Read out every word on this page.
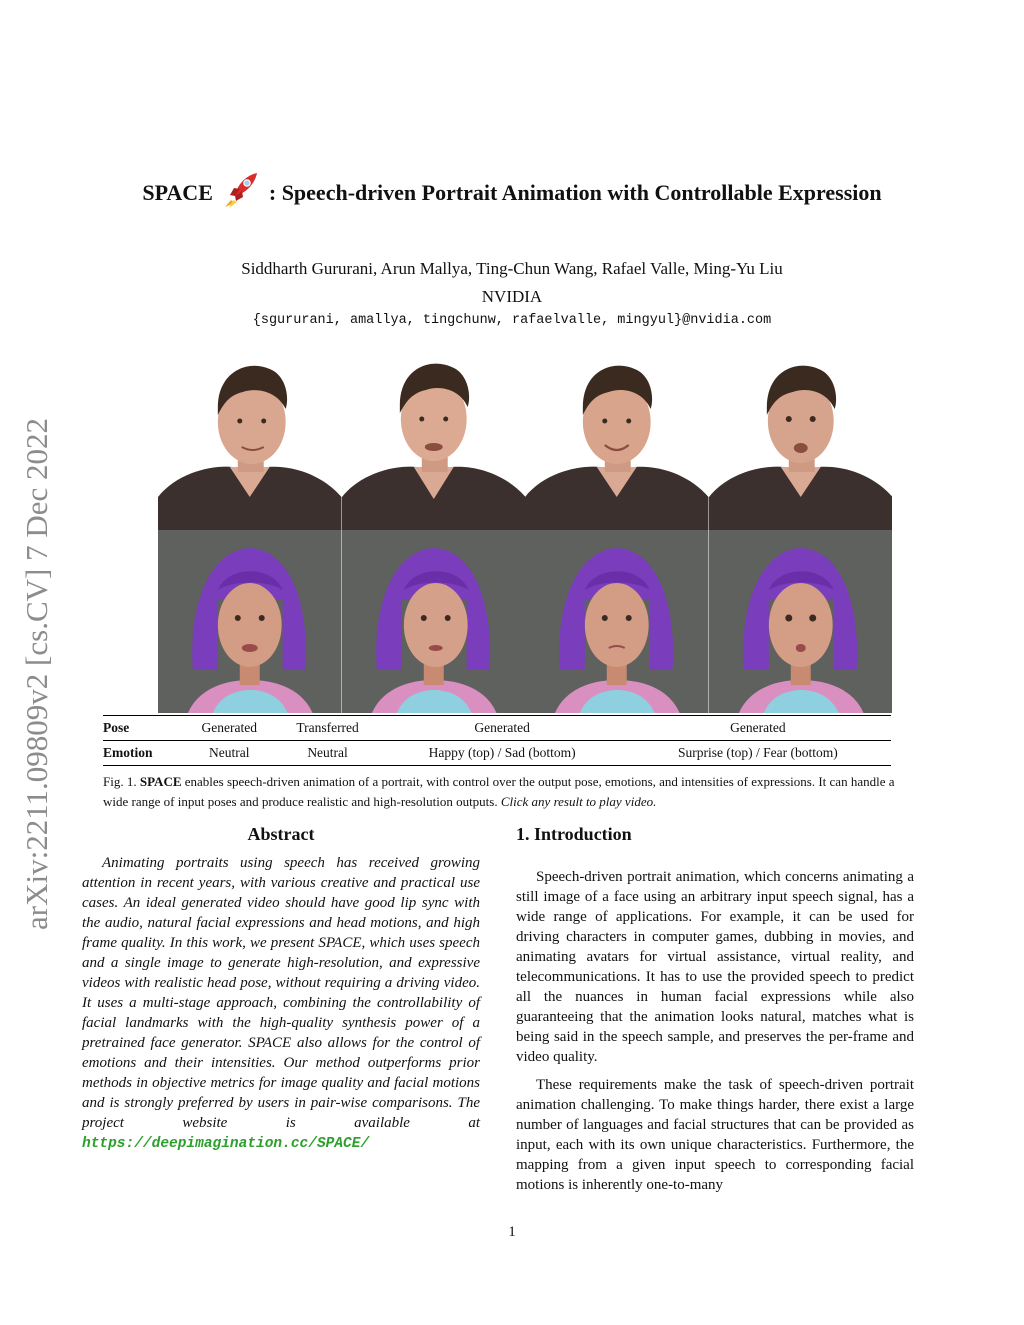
arXiv:2211.09809v2 [cs.CV] 7 Dec 2022
SPACE	: Speech-driven Portrait Animation with Controllable Expression
Siddharth Gururani, Arun Mallya, Ting-Chun Wang, Rafael Valle, Ming-Yu Liu
NVIDIA
{sgururani, amallya, tingchunw, rafaelvalle, mingyul}@nvidia.com
Pose	Generated	Transferred	Generated	Generated
Emotion	Neutral	Neutral	Happy (top) / Sad (bottom)	Surprise (top) / Fear (bottom)
Fig. 1. SPACE enables speech-driven animation of a portrait, with control over the output pose, emotions, and intensities of expressions. It can handle a wide range of input poses and produce realistic and high-resolution outputs. Click any result to play video.
Abstract

Animating portraits using speech has received growing attention in recent years, with various creative and practical use cases. An ideal generated video should have good lip sync with the audio, natural facial expressions and head motions, and high frame quality. In this work, we present SPACE, which uses speech and a single image to generate high-resolution, and expressive videos with realistic head pose, without requiring a driving video. It uses a multi-stage approach, combining the controllability of facial landmarks with the high-quality synthesis power of a pretrained face generator. SPACE also allows for the control of emotions and their intensities. Our method outperforms prior methods in objective metrics for image quality and facial motions and is strongly preferred by users in pair-wise comparisons. The project website is available at https://deepimagination.cc/SPACE/

1. Introduction

Speech-driven portrait animation, which concerns animating a still image of a face using an arbitrary input speech signal, has a wide range of applications. For example, it can be used for driving characters in computer games, dubbing in movies, and animating avatars for virtual assistance, virtual reality, and telecommunications. It has to use the provided speech to predict all the nuances in human facial expressions while also guaranteeing that the animation looks natural, matches what is being said in the speech sample, and preserves the per-frame and video quality.

These requirements make the task of speech-driven portrait animation challenging. To make things harder, there exist a large number of languages and facial structures that can be provided as input, each with its own unique characteristics. Furthermore, the mapping from a given input speech to corresponding facial motions is inherently one-to-many

1
